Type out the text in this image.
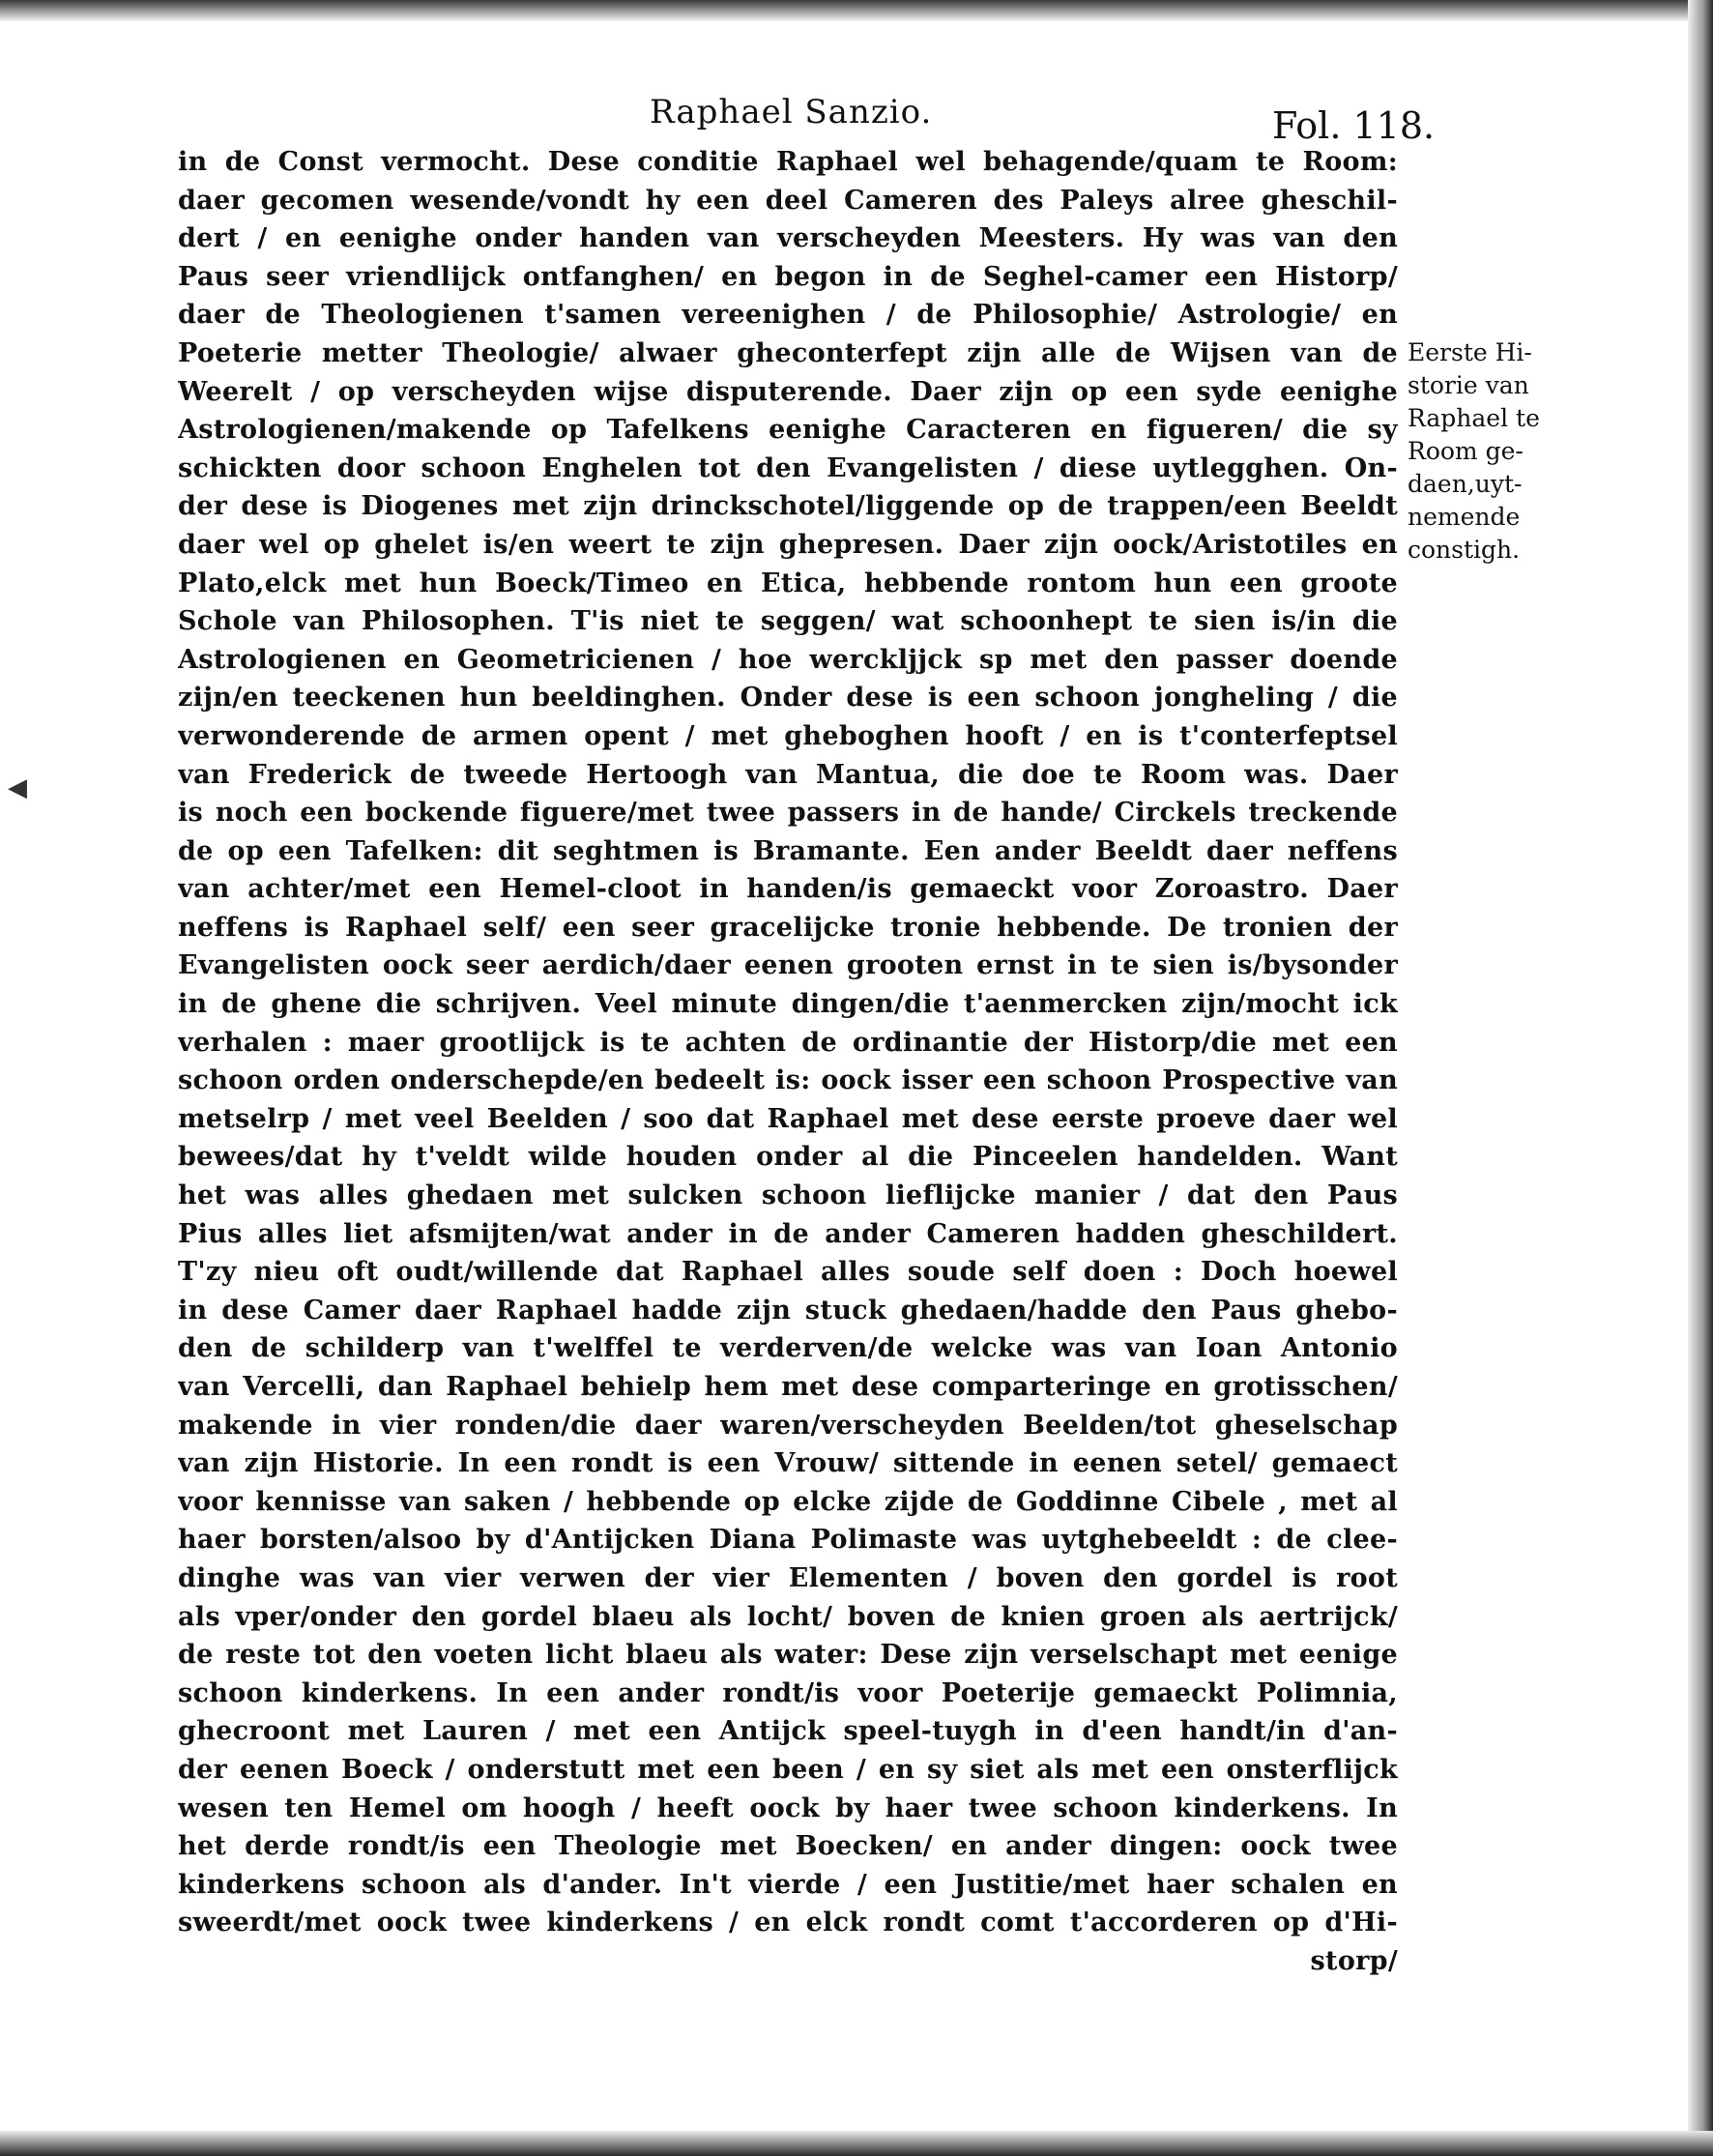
◀
Raphael Sanzio.	Fol. 118.
in de Const vermocht. Dese conditie Raphael wel behagende/quam te Room:
daer gecomen wesende/vondt hy een deel Cameren des Paleys alree gheschil-
dert / en eenighe onder handen van verscheyden Meesters. Hy was van den
Paus seer vriendlijck ontfanghen/ en begon in de Seghel-camer een Historp/
daer de Theologienen t'samen vereenighen / de Philosophie/ Astrologie/ en
Poeterie metter Theologie/ alwaer gheconterfept zijn alle de Wijsen van de
Weerelt / op verscheyden wijse disputerende. Daer zijn op een syde eenighe
Astrologienen/makende op Tafelkens eenighe Caracteren en figueren/ die sy
schickten door schoon Enghelen tot den Evangelisten / diese uytlegghen. On-
der dese is Diogenes met zijn drinckschotel/liggende op de trappen/een Beeldt
daer wel op ghelet is/en weert te zijn ghepresen. Daer zijn oock/Aristotiles en
Plato,elck met hun Boeck/Timeo en Etica, hebbende rontom hun een groote
Schole van Philosophen. T'is niet te seggen/ wat schoonhept te sien is/in die
Astrologienen en Geometricienen / hoe werckljjck sp met den passer doende
zijn/en teeckenen hun beeldinghen. Onder dese is een schoon jongheling / die
verwonderende de armen opent / met gheboghen hooft / en is t'conterfeptsel
van Frederick de tweede Hertoogh van Mantua, die doe te Room was. Daer
is noch een bockende figuere/met twee passers in de hande/ Circkels treckende
de op een Tafelken: dit seghtmen is Bramante. Een ander Beeldt daer neffens
van achter/met een Hemel-cloot in handen/is gemaeckt voor Zoroastro. Daer
neffens is Raphael self/ een seer gracelijcke tronie hebbende. De tronien der
Evangelisten oock seer aerdich/daer eenen grooten ernst in te sien is/bysonder
in de ghene die schrijven. Veel minute dingen/die t'aenmercken zijn/mocht ick
verhalen : maer grootlijck is te achten de ordinantie der Historp/die met een
schoon orden onderschepde/en bedeelt is: oock isser een schoon Prospective van
metselrp / met veel Beelden / soo dat Raphael met dese eerste proeve daer wel
bewees/dat hy t'veldt wilde houden onder al die Pinceelen handelden. Want
het was alles ghedaen met sulcken schoon lieflijcke manier / dat den Paus
Pius alles liet afsmijten/wat ander in de ander Cameren hadden gheschildert.
T'zy nieu oft oudt/willende dat Raphael alles soude self doen : Doch hoewel
in dese Camer daer Raphael hadde zijn stuck ghedaen/hadde den Paus ghebo-
den de schilderp van t'welffel te verderven/de welcke was van Ioan Antonio
van Vercelli, dan Raphael behielp hem met dese comparteringe en grotisschen/
makende in vier ronden/die daer waren/verscheyden Beelden/tot gheselschap
van zijn Historie. In een rondt is een Vrouw/ sittende in eenen setel/ gemaect
voor kennisse van saken / hebbende op elcke zijde de Goddinne Cibele , met al
haer borsten/alsoo by d'Antijcken Diana Polimaste was uytghebeeldt : de clee-
dinghe was van vier verwen der vier Elementen / boven den gordel is root
als vper/onder den gordel blaeu als locht/ boven de knien groen als aertrijck/
de reste tot den voeten licht blaeu als water: Dese zijn verselschapt met eenige
schoon kinderkens. In een ander rondt/is voor Poeterije gemaeckt Polimnia,
ghecroont met Lauren / met een Antijck speel-tuygh in d'een handt/in d'an-
der eenen Boeck / onderstutt met een been / en sy siet als met een onsterflijck
wesen ten Hemel om hoogh / heeft oock by haer twee schoon kinderkens. In
het derde rondt/is een Theologie met Boecken/ en ander dingen: oock twee
kinderkens schoon als d'ander. In't vierde / een Justitie/met haer schalen en
sweerdt/met oock twee kinderkens / en elck rondt comt t'accorderen op d'Hi-
storp/
Eerste Hi-
storie van
Raphael te
Room ge-
daen,uyt-
nemende
constigh.
